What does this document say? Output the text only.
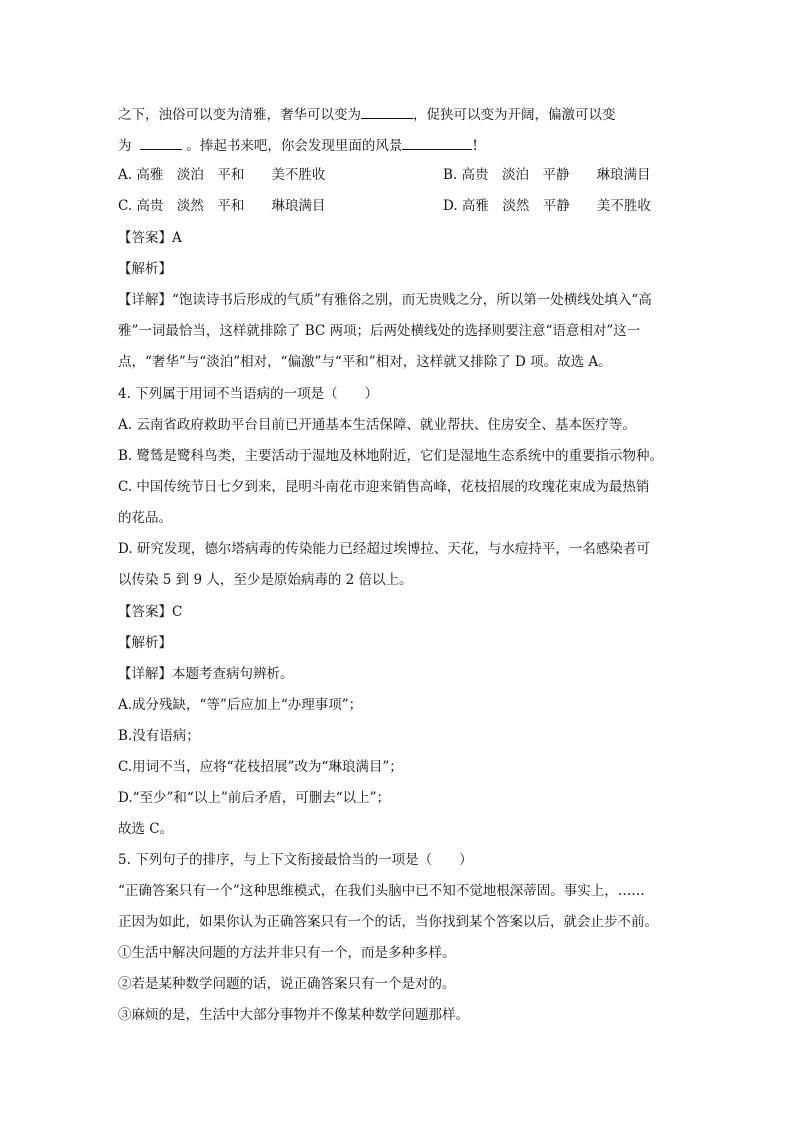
之下，浊俗可以变为清雅，奢华可以变为	，促狭可以变为开阔，偏激可以变
为	。捧起书来吧，你会发现里面的风景	!
A. 高雅　淡泊　平和　　美不胜收	B. 高贵　淡泊　平静　　琳琅满目
C. 高贵　淡然　平和　　琳琅满目	D. 高雅　淡然　平静　　美不胜收
【答案】A
【解析】
【详解】“饱读诗书后形成的气质”有雅俗之别，而无贵贱之分，所以第一处横线处填入“高
雅”一词最恰当，这样就排除了 BC 两项；后两处横线处的选择则要注意“语意相对”这一
点，“奢华”与“淡泊”相对，“偏激”与“平和”相对，这样就又排除了 D 项。故选 A。
4. 下列属于用词不当语病的一项是（　　）
A. 云南省政府救助平台目前已开通基本生活保障、就业帮扶、住房安全、基本医疗等。
B. 鹭鸶是鹭科鸟类，主要活动于湿地及林地附近，它们是湿地生态系统中的重要指示物种。
C. 中国传统节日七夕到来，昆明斗南花市迎来销售高峰，花枝招展的玫瑰花束成为最热销
的花品。
D. 研究发现，德尔塔病毒的传染能力已经超过埃博拉、天花，与水痘持平，一名感染者可
以传染 5 到 9 人，至少是原始病毒的 2 倍以上。
【答案】C
【解析】
【详解】本题考查病句辨析。
A.成分残缺，“等”后应加上“办理事项”；
B.没有语病；
C.用词不当，应将“花枝招展”改为“琳琅满目”；
D.“至少”和“以上”前后矛盾，可删去“以上”；
故选 C。
5. 下列句子的排序，与上下文衔接最恰当的一项是（　　）
“正确答案只有一个”这种思维模式，在我们头脑中已不知不觉地根深蒂固。事实上，……
正因为如此，如果你认为正确答案只有一个的话，当你找到某个答案以后，就会止步不前。
①生活中解决问题的方法并非只有一个，而是多种多样。
②若是某种数学问题的话，说正确答案只有一个是对的。
③麻烦的是，生活中大部分事物并不像某种数学问题那样。
